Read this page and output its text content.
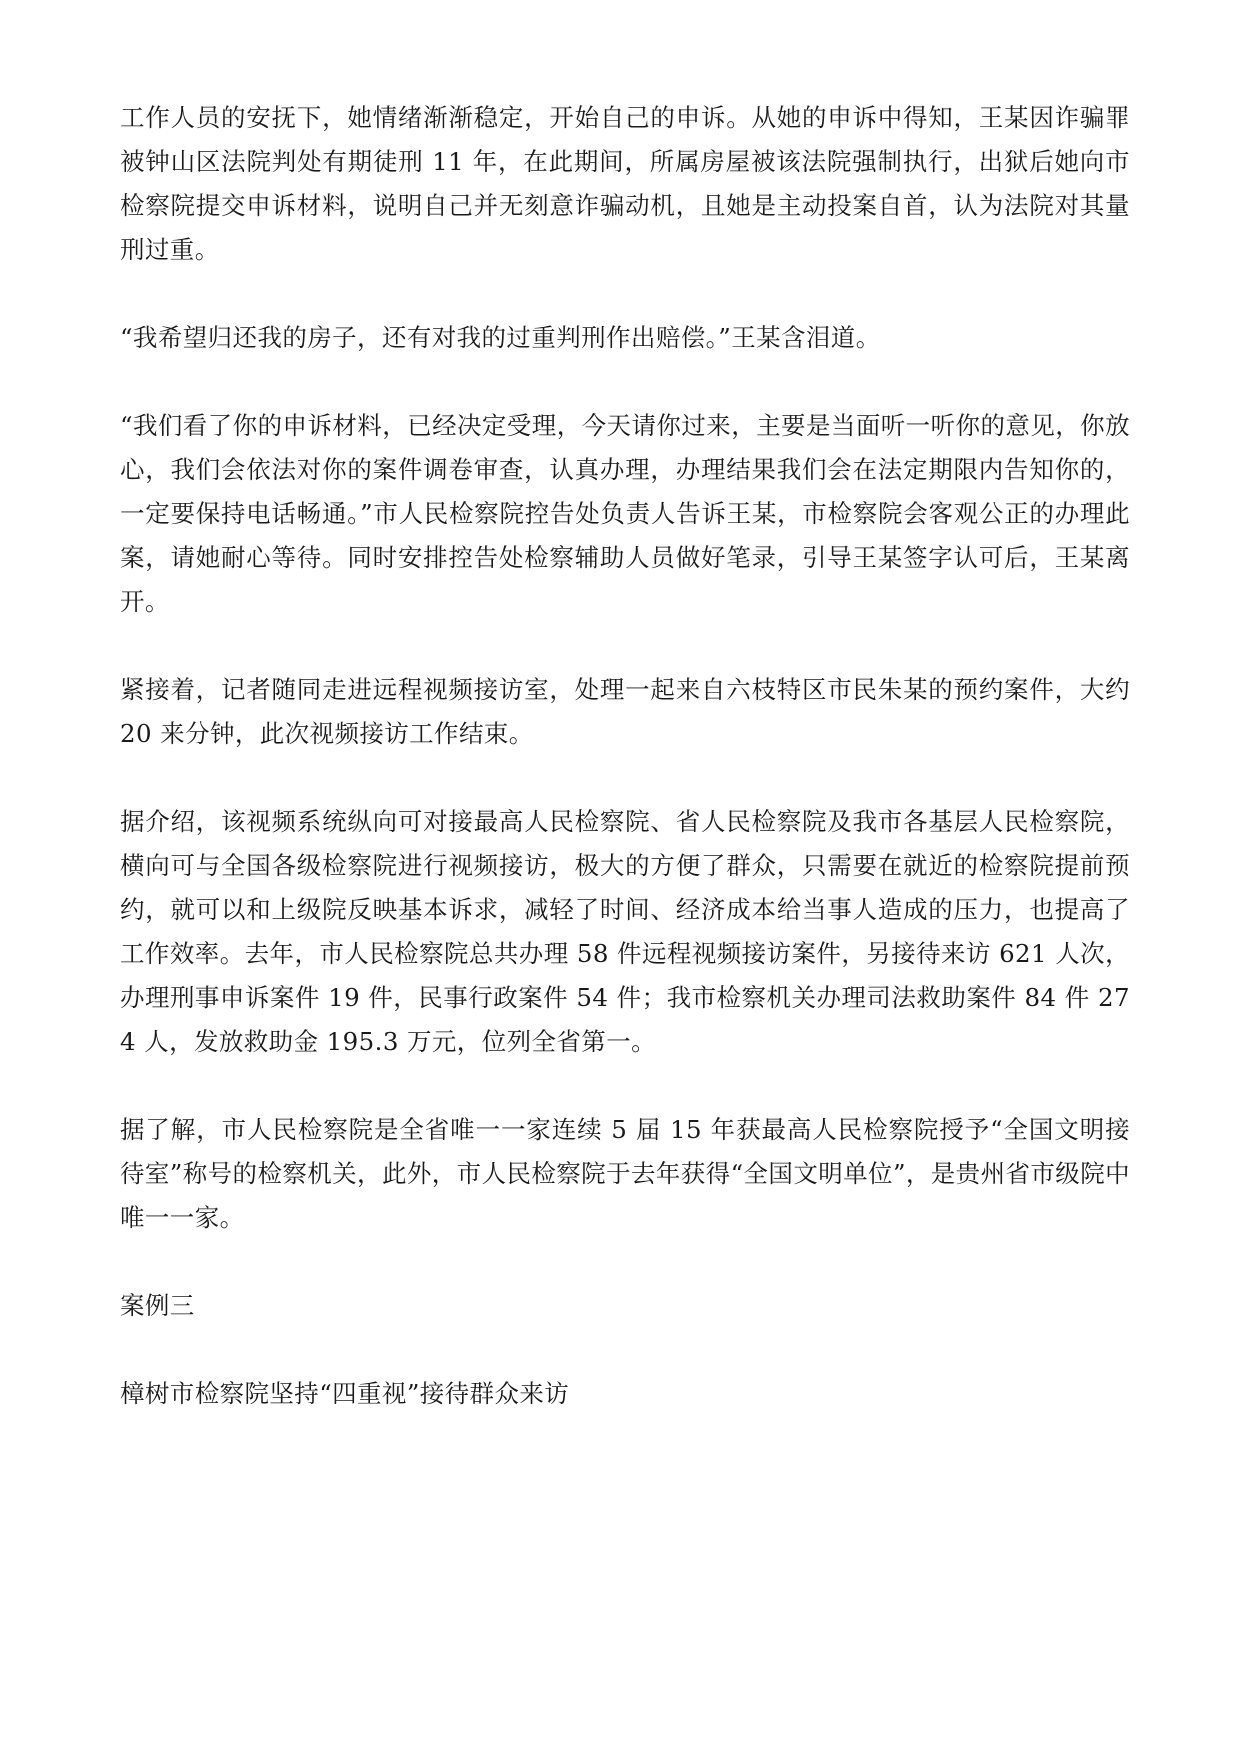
工作人员的安抚下，她情绪渐渐稳定，开始自己的申诉。从她的申诉中得知，王某因诈骗罪被钟山区法院判处有期徒刑 11 年，在此期间，所属房屋被该法院强制执行，出狱后她向市检察院提交申诉材料，说明自己并无刻意诈骗动机，且她是主动投案自首，认为法院对其量刑过重。

“我希望归还我的房子，还有对我的过重判刑作出赔偿。”王某含泪道。

“我们看了你的申诉材料，已经决定受理，今天请你过来，主要是当面听一听你的意见，你放心，我们会依法对你的案件调卷审查，认真办理，办理结果我们会在法定期限内告知你的，一定要保持电话畅通。”市人民检察院控告处负责人告诉王某，市检察院会客观公正的办理此案，请她耐心等待。同时安排控告处检察辅助人员做好笔录，引导王某签字认可后，王某离开。

紧接着，记者随同走进远程视频接访室，处理一起来自六枝特区市民朱某的预约案件，大约 20 来分钟，此次视频接访工作结束。

据介绍，该视频系统纵向可对接最高人民检察院、省人民检察院及我市各基层人民检察院，横向可与全国各级检察院进行视频接访，极大的方便了群众，只需要在就近的检察院提前预约，就可以和上级院反映基本诉求，减轻了时间、经济成本给当事人造成的压力，也提高了工作效率。去年，市人民检察院总共办理 58 件远程视频接访案件，另接待来访 621 人次，办理刑事申诉案件 19 件，民事行政案件 54 件；我市检察机关办理司法救助案件 84 件 274 人，发放救助金 195.3 万元，位列全省第一。

据了解，市人民检察院是全省唯一一家连续 5 届 15 年获最高人民检察院授予“全国文明接待室”称号的检察机关，此外，市人民检察院于去年获得“全国文明单位”，是贵州省市级院中唯一一家。

案例三

樟树市检察院坚持“四重视”接待群众来访
